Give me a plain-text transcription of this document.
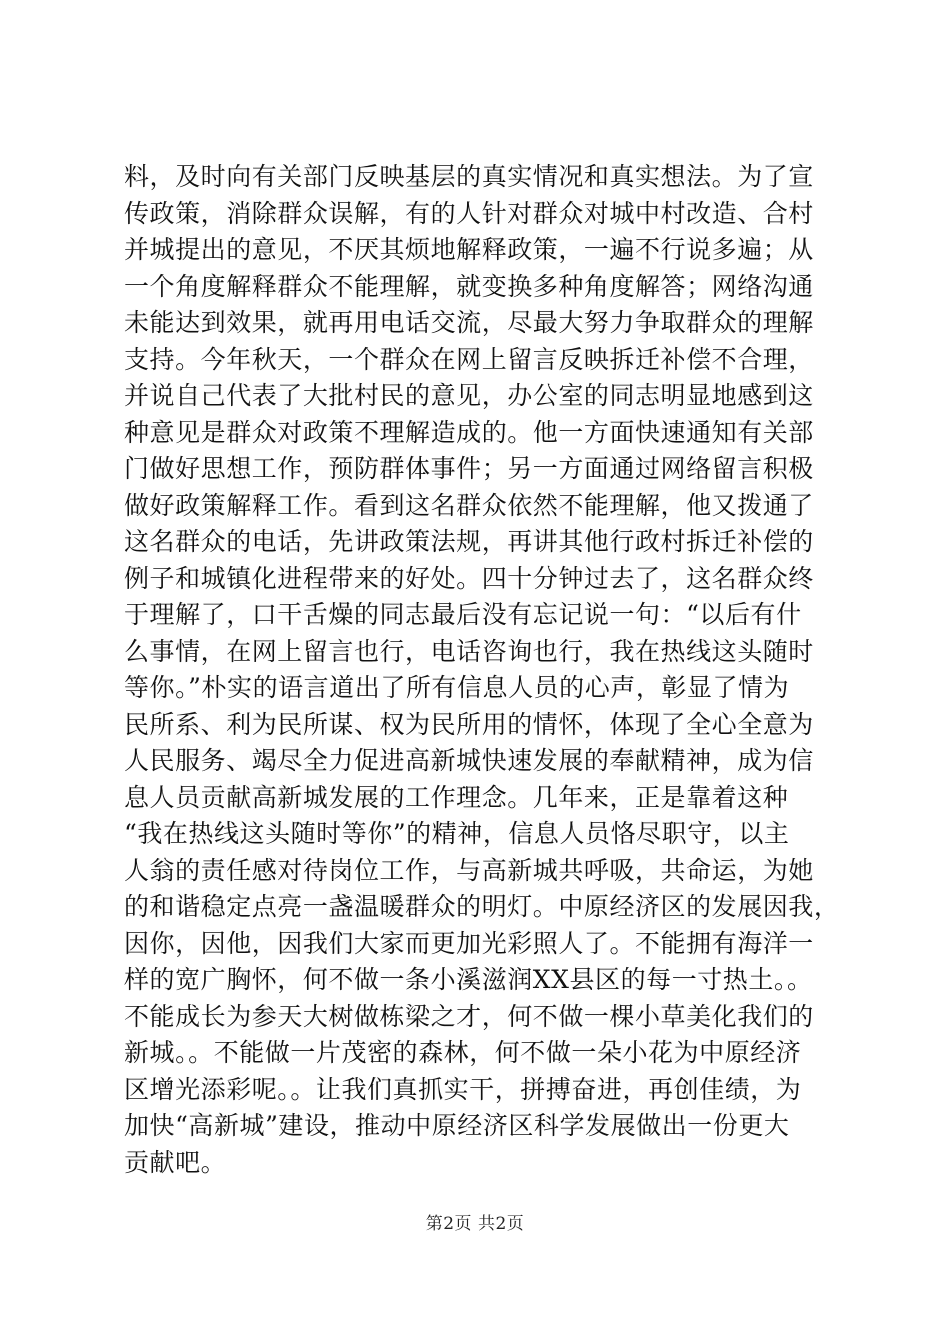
料，及时向有关部门反映基层的真实情况和真实想法。为了宣
传政策，消除群众误解，有的人针对群众对城中村改造、合村
并城提出的意见，不厌其烦地解释政策，一遍不行说多遍；从
一个角度解释群众不能理解，就变换多种角度解答；网络沟通
未能达到效果，就再用电话交流，尽最大努力争取群众的理解
支持。今年秋天，一个群众在网上留言反映拆迁补偿不合理，
并说自己代表了大批村民的意见，办公室的同志明显地感到这
种意见是群众对政策不理解造成的。他一方面快速通知有关部
门做好思想工作，预防群体事件；另一方面通过网络留言积极
做好政策解释工作。看到这名群众依然不能理解，他又拨通了
这名群众的电话，先讲政策法规，再讲其他行政村拆迁补偿的
例子和城镇化进程带来的好处。四十分钟过去了，这名群众终
于理解了，口干舌燥的同志最后没有忘记说一句：“以后有什
么事情，在网上留言也行，电话咨询也行，我在热线这头随时
等你。”朴实的语言道出了所有信息人员的心声，彰显了情为
民所系、利为民所谋、权为民所用的情怀，体现了全心全意为
人民服务、竭尽全力促进高新城快速发展的奉献精神，成为信
息人员贡献高新城发展的工作理念。几年来，正是靠着这种
“我在热线这头随时等你”的精神，信息人员恪尽职守，以主
人翁的责任感对待岗位工作，与高新城共呼吸，共命运，为她
的和谐稳定点亮一盏温暖群众的明灯。中原经济区的发展因我，
因你，因他，因我们大家而更加光彩照人了。不能拥有海洋一
样的宽广胸怀，何不做一条小溪滋润XX县区的每一寸热土。。
不能成长为参天大树做栋梁之才，何不做一棵小草美化我们的
新城。。不能做一片茂密的森林，何不做一朵小花为中原经济
区增光添彩呢。。让我们真抓实干，拼搏奋进，再创佳绩，为
加快“高新城”建设，推动中原经济区科学发展做出一份更大
贡献吧。
第2页 共2页
